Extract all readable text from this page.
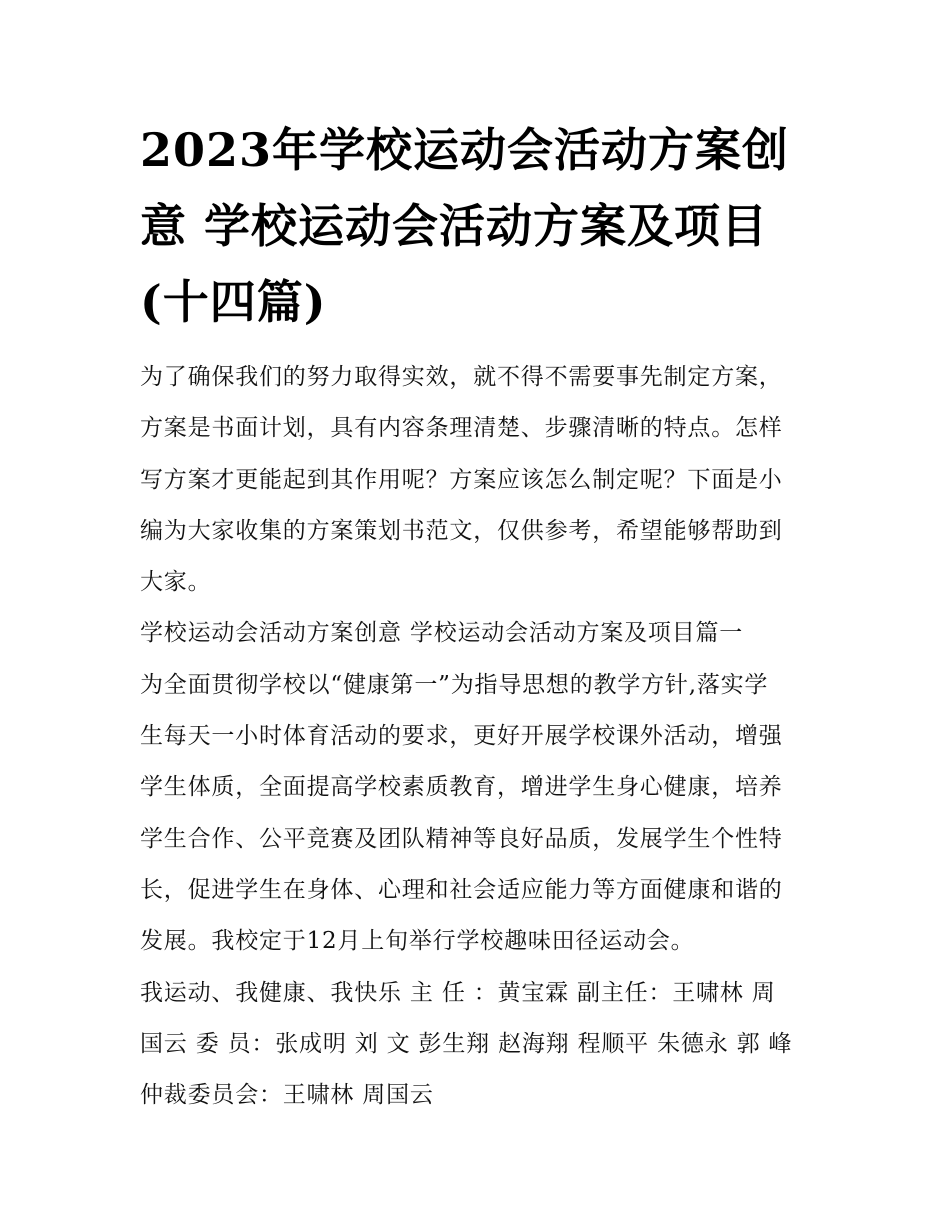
2023年学校运动会活动方案创
意 学校运动会活动方案及项目
(十四篇)
为了确保我们的努力取得实效，就不得不需要事先制定方案，
方案是书面计划，具有内容条理清楚、步骤清晰的特点。怎样
写方案才更能起到其作用呢？方案应该怎么制定呢？下面是小
编为大家收集的方案策划书范文，仅供参考，希望能够帮助到
大家。
学校运动会活动方案创意 学校运动会活动方案及项目篇一
为全面贯彻学校以“健康第一”为指导思想的教学方针,落实学
生每天一小时体育活动的要求，更好开展学校课外活动，增强
学生体质，全面提高学校素质教育，增进学生身心健康，培养
学生合作、公平竞赛及团队精神等良好品质，发展学生个性特
长，促进学生在身体、心理和社会适应能力等方面健康和谐的
发展。我校定于12月上旬举行学校趣味田径运动会。
我运动、我健康、我快乐 主 任 ：黄宝霖 副主任：王啸林 周
国云 委 员：张成明 刘 文 彭生翔 赵海翔 程顺平 朱德永 郭 峰
仲裁委员会：王啸林 周国云
